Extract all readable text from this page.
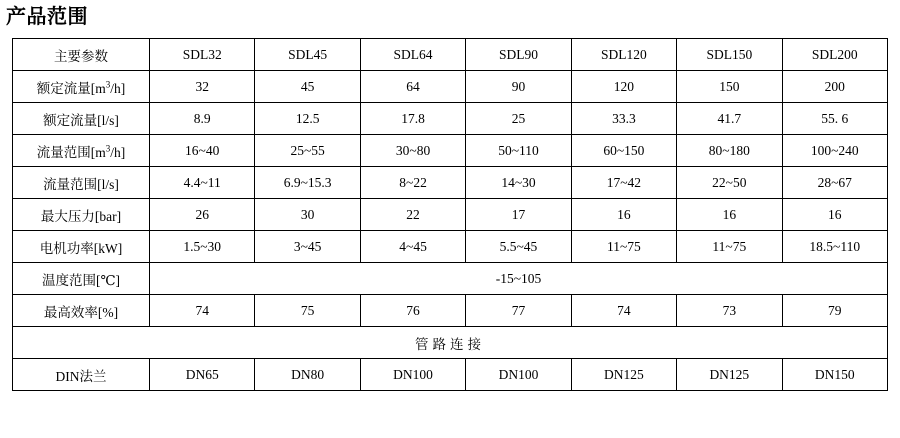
产品范围
主要参数	SDL32	SDL45	SDL64	SDL90	SDL120	SDL150	SDL200
额定流量$[m^3/h]$	32	45	64	90	120	150	200
额定流量[l/s]	8.9	12.5	17.8	25	33.3	41.7	55. 6
流量范围$[m^3/h]$	16~40	25~55	30~80	50~110	60~150	80~180	100~240
流量范围[l/s]	4.4~11	6.9~15.3	8~22	14~30	17~42	22~50	28~67
最大压力[bar]	26	30	22	17	16	16	16
电机功率[kW]	1.5~30	3~45	4~45	5.5~45	11~75	11~75	18.5~110
温度范围[℃]	-15~105						
最高效率[%]	74	75	76	77	74	73	79
管路连接							
DIN法兰	DN65	DN80	DN100	DN100	DN125	DN125	DN150
